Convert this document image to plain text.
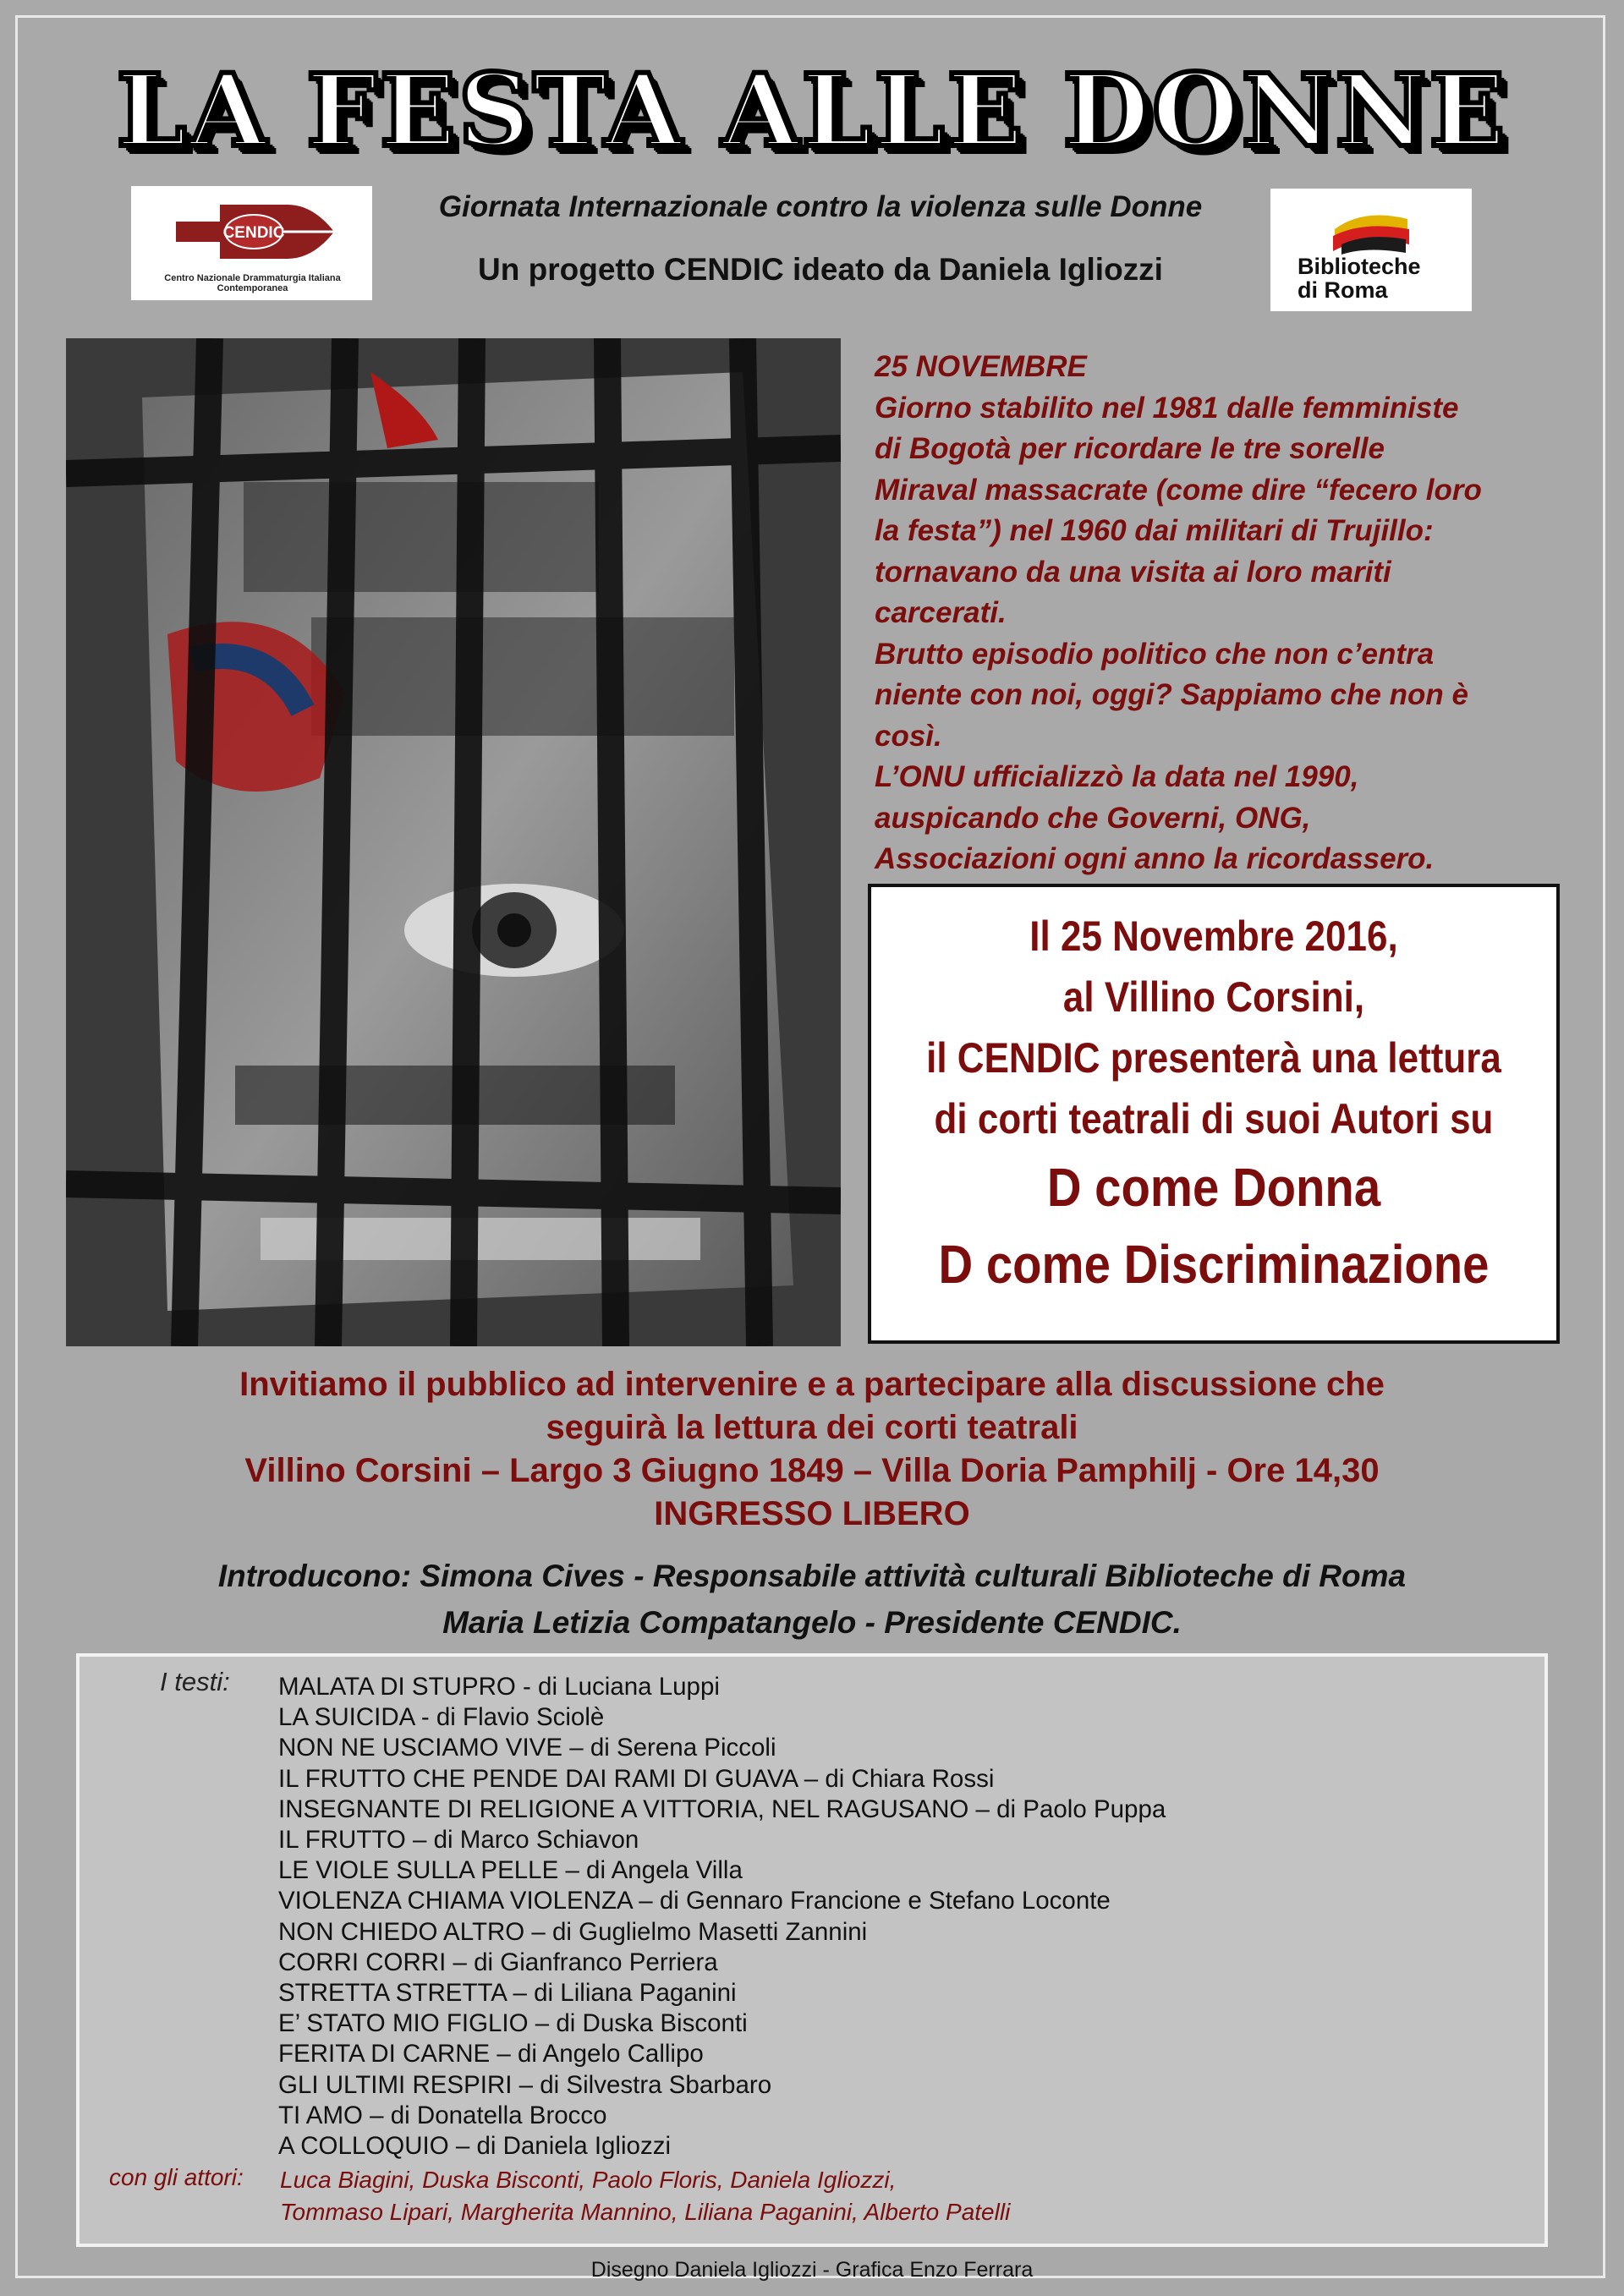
LA FESTA ALLE DONNE
CENDIC
Centro Nazionale Drammaturgia Italiana Contemporanea
Giornata Internazionale contro la violenza sulle Donne
Un progetto CENDIC ideato da Daniela Igliozzi	Biblioteche
di Roma
25 NOVEMBRE
Giorno stabilito nel 1981 dalle femministe
di Bogotà per ricordare le tre sorelle
Miraval massacrate (come dire “fecero loro
la festa”) nel 1960 dai militari di Trujillo:
tornavano da una visita ai loro mariti
carcerati.
Brutto episodio politico che non c’entra
niente con noi, oggi? Sappiamo che non è
così.
L’ONU ufficializzò la data nel 1990,
auspicando che Governi, ONG,
Associazioni ogni anno la ricordassero.
Il 25 Novembre 2016,
al Villino Corsini,
il CENDIC presenterà una lettura
di corti teatrali di suoi Autori su
D come Donna
D come Discriminazione
Invitiamo il pubblico ad intervenire e a partecipare alla discussione che
seguirà la lettura dei corti teatrali
Villino Corsini – Largo 3 Giugno 1849 – Villa Doria Pamphilj - Ore 14,30
INGRESSO LIBERO
Introducono: Simona Cives - Responsabile attività culturali Biblioteche di Roma
Maria Letizia Compatangelo - Presidente CENDIC.
I testi: MALATA DI STUPRO - di Luciana Luppi
LA SUICIDA - di Flavio Sciolè
NON NE USCIAMO VIVE – di Serena Piccoli
IL FRUTTO CHE PENDE DAI RAMI DI GUAVA – di Chiara Rossi
INSEGNANTE DI RELIGIONE A VITTORIA, NEL RAGUSANO – di Paolo Puppa
IL FRUTTO – di Marco Schiavon
LE VIOLE SULLA PELLE – di Angela Villa
VIOLENZA CHIAMA VIOLENZA – di Gennaro Francione e Stefano Loconte
NON CHIEDO ALTRO – di Guglielmo Masetti Zannini
CORRI CORRI – di Gianfranco Perriera
STRETTA STRETTA – di Liliana Paganini
E’ STATO MIO FIGLIO – di Duska Bisconti
FERITA DI CARNE – di Angelo Callipo
GLI ULTIMI RESPIRI – di Silvestra Sbarbaro
TI AMO – di Donatella Brocco
A COLLOQUIO – di Daniela Igliozzi
con gli attori: Luca Biagini, Duska Bisconti, Paolo Floris, Daniela Igliozzi,
Tommaso Lipari, Margherita Mannino, Liliana Paganini, Alberto Patelli
Disegno Daniela Igliozzi - Grafica Enzo Ferrara
